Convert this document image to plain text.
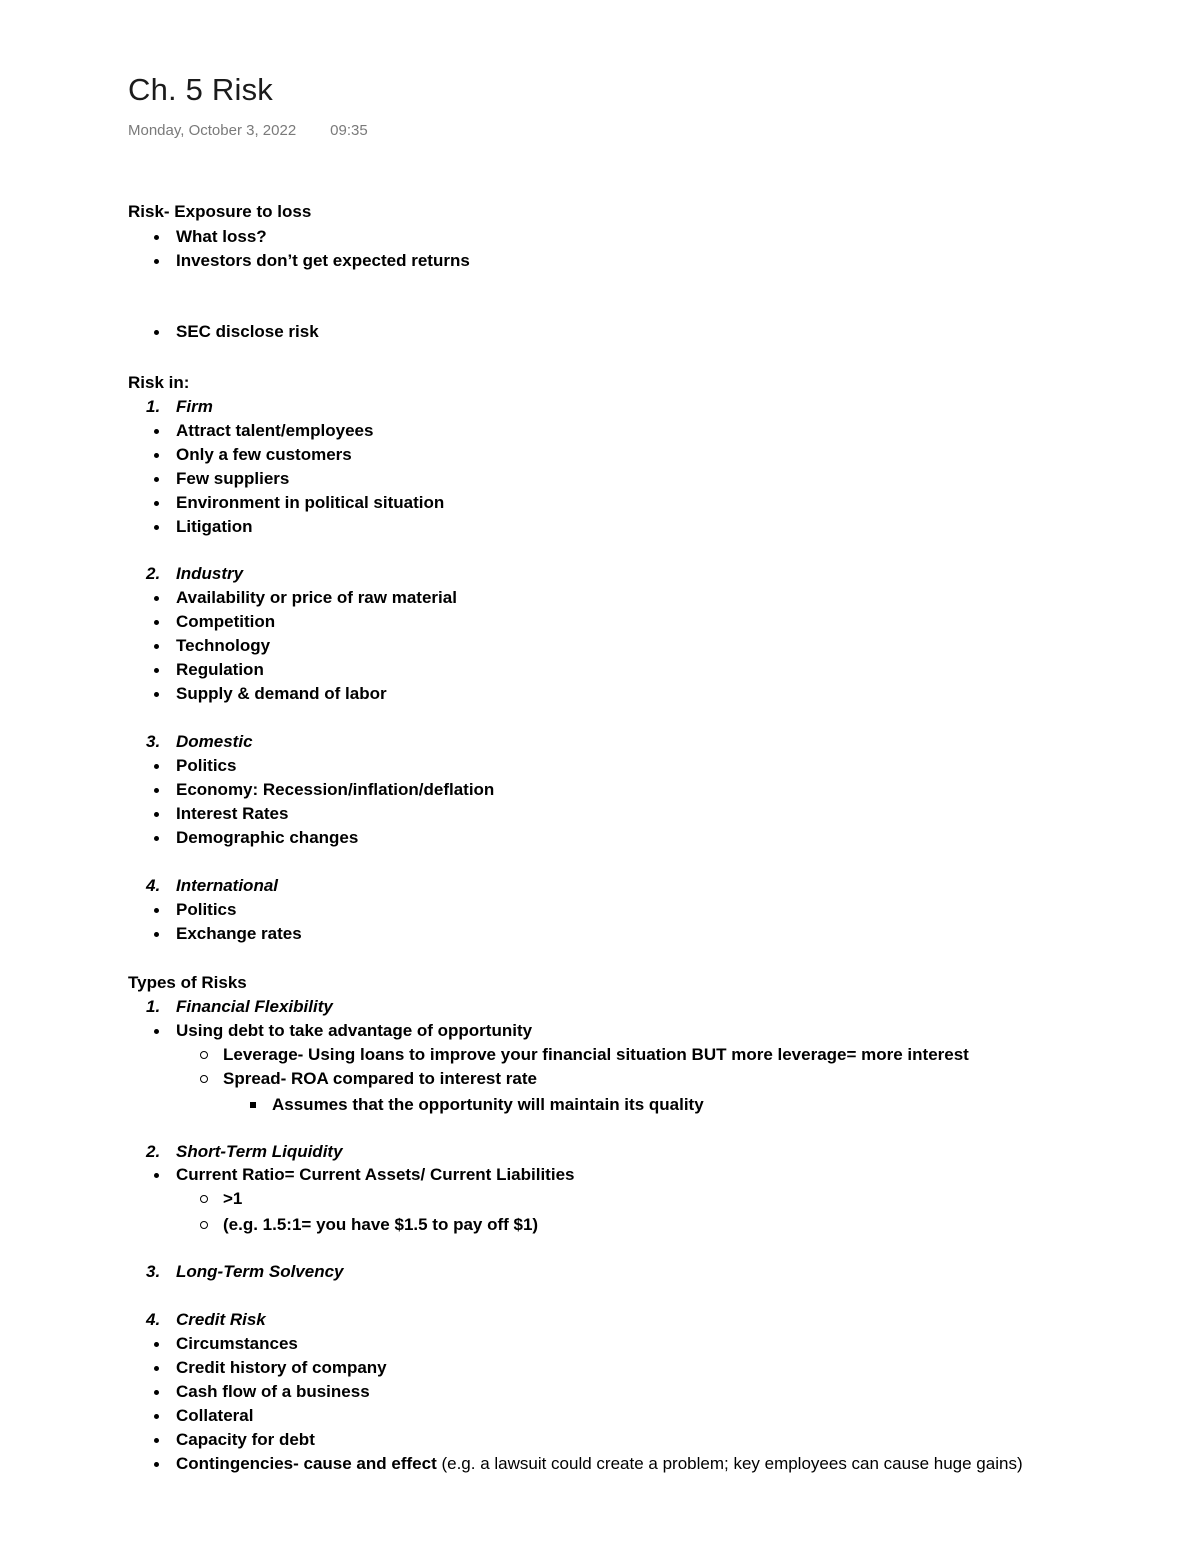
Ch. 5 Risk
Monday, October 3, 2022 09:35
Risk- Exposure to loss
What loss?
Investors don’t get expected returns
SEC disclose risk
Risk in:
1. Firm
Attract talent/employees
Only a few customers
Few suppliers
Environment in political situation
Litigation
2. Industry
Availability or price of raw material
Competition
Technology
Regulation
Supply & demand of labor
3. Domestic
Politics
Economy: Recession/inflation/deflation
Interest Rates
Demographic changes
4. International
Politics
Exchange rates
Types of Risks
1. Financial Flexibility
Using debt to take advantage of opportunity
Leverage- Using loans to improve your financial situation BUT more leverage= more interest
Spread- ROA compared to interest rate
Assumes that the opportunity will maintain its quality
2. Short-Term Liquidity
Current Ratio= Current Assets/ Current Liabilities
>1
(e.g. 1.5:1= you have $1.5 to pay off $1)
3. Long-Term Solvency
4. Credit Risk
Circumstances
Credit history of company
Cash flow of a business
Collateral
Capacity for debt
Contingencies- cause and effect (e.g. a lawsuit could create a problem; key employees can cause huge gains)
